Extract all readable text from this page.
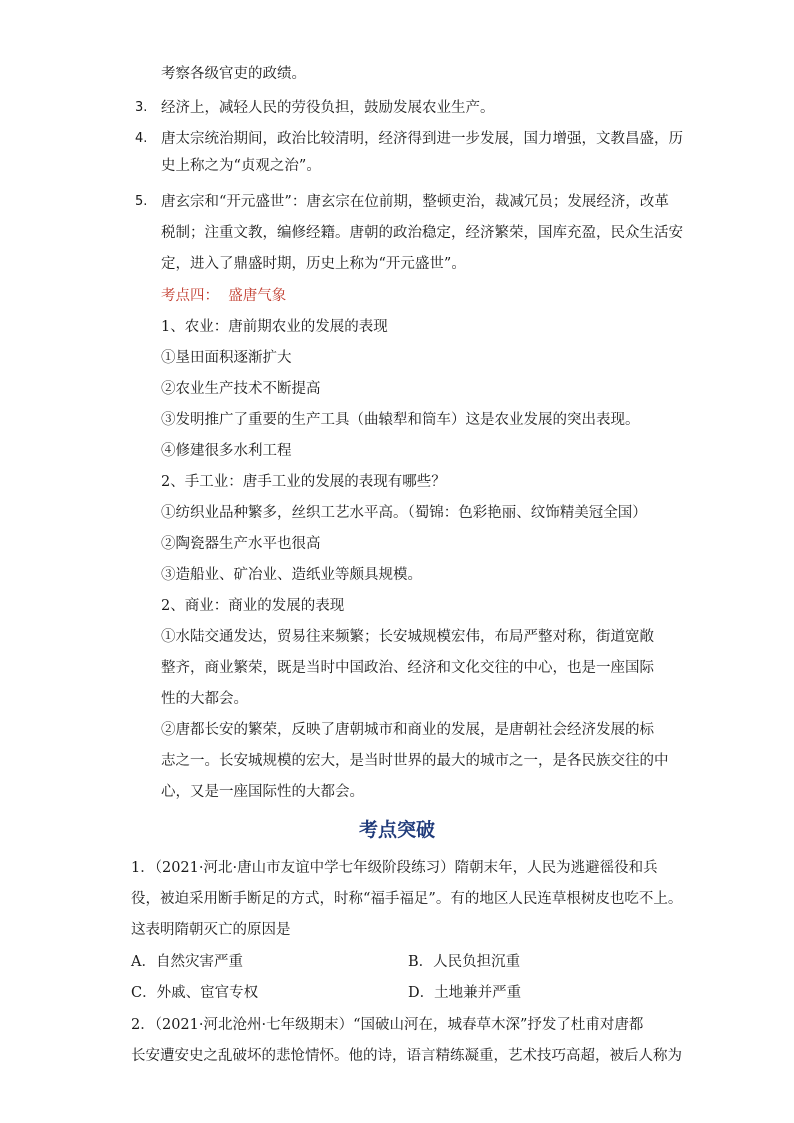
考察各级官吏的政绩。
3. 经济上，减轻人民的劳役负担，鼓励发展农业生产。
4. 唐太宗统治期间，政治比较清明，经济得到进一步发展，国力增强，文教昌盛，历
史上称之为“贞观之治”。
5. 唐玄宗和“开元盛世”：唐玄宗在位前期，整顿吏治，裁减冗员；发展经济，改革
税制；注重文教，编修经籍。唐朝的政治稳定，经济繁荣，国库充盈，民众生活安
定，进入了鼎盛时期，历史上称为“开元盛世”。
考点四：  盛唐气象
1、农业：唐前期农业的发展的表现
①垦田面积逐渐扩大
②农业生产技术不断提高
③发明推广了重要的生产工具（曲辕犁和筒车）这是农业发展的突出表现。
④修建很多水利工程
2、手工业：唐手工业的发展的表现有哪些？
①纺织业品种繁多，丝织工艺水平高。（蜀锦：色彩艳丽、纹饰精美冠全国）
②陶瓷器生产水平也很高
③造船业、矿冶业、造纸业等颇具规模。
2、商业：商业的发展的表现
①水陆交通发达，贸易往来频繁；长安城规模宏伟，布局严整对称，街道宽敞
整齐，商业繁荣，既是当时中国政治、经济和文化交往的中心，也是一座国际
性的大都会。
②唐都长安的繁荣，反映了唐朝城市和商业的发展，是唐朝社会经济发展的标
志之一。长安城规模的宏大，是当时世界的最大的城市之一，是各民族交往的中
心，又是一座国际性的大都会。
考点突破
1．（2021·河北·唐山市友谊中学七年级阶段练习）隋朝末年，人民为逃避徭役和兵
役，被迫采用断手断足的方式，时称“福手福足”。有的地区人民连草根树皮也吃不上。
这表明隋朝灭亡的原因是
A．自然灾害严重	B．人民负担沉重
C．外戚、宦官专权	D．土地兼并严重
2．（2021·河北沧州·七年级期末）“国破山河在，城春草木深”抒发了杜甫对唐都
长安遭安史之乱破坏的悲怆情怀。他的诗，语言精练凝重，艺术技巧高超，被后人称为
